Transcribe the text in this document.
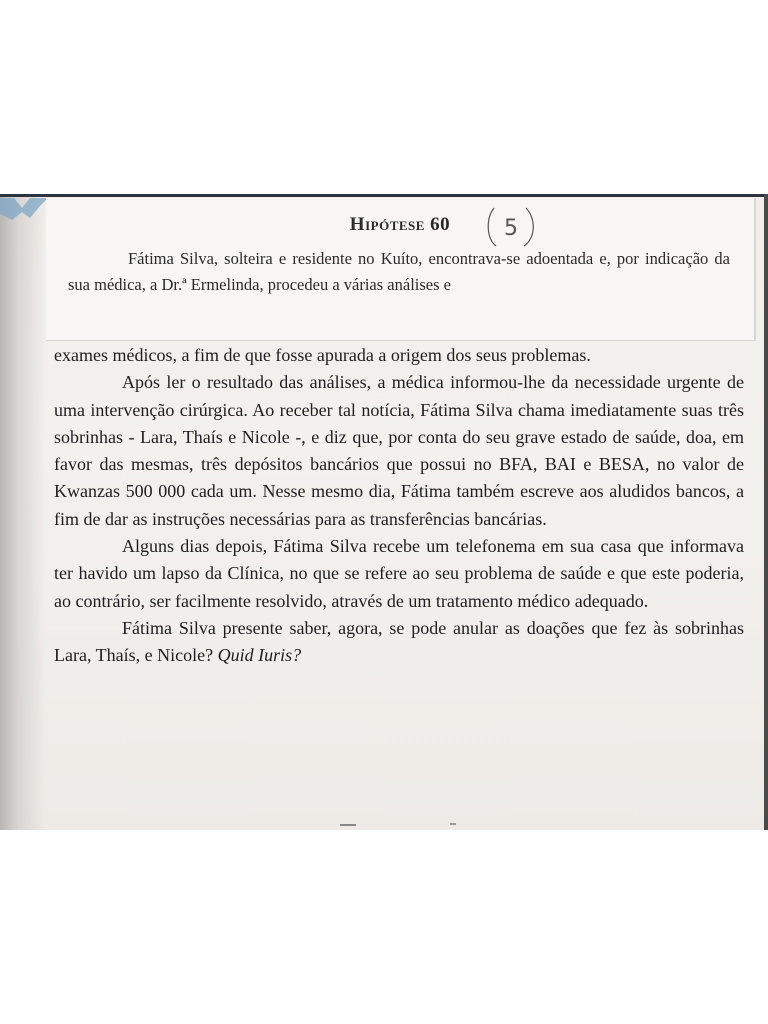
Hipótese 60	5
Fátima Silva, solteira e residente no Kuíto, encontrava-se adoentada e, por indicação da sua médica, a Dr.ª Ermelinda, procedeu a várias análises e

exames médicos, a fim de que fosse apurada a origem dos seus problemas.

Após ler o resultado das análises, a médica informou-lhe da necessidade urgente de uma intervenção cirúrgica. Ao receber tal notícia, Fátima Silva chama imediatamente suas três sobrinhas - Lara, Thaís e Nicole -, e diz que, por conta do seu grave estado de saúde, doa, em favor das mesmas, três depósitos bancários que possui no BFA, BAI e BESA, no valor de Kwanzas 500 000 cada um. Nesse mesmo dia, Fátima também escreve aos aludidos bancos, a fim de dar as instruções necessárias para as transferências bancárias.

Alguns dias depois, Fátima Silva recebe um telefonema em sua casa que informava ter havido um lapso da Clínica, no que se refere ao seu problema de saúde e que este poderia, ao contrário, ser facilmente resolvido, através de um tratamento médico adequado.

Fátima Silva presente saber, agora, se pode anular as doações que fez às sobrinhas Lara, Thaís, e Nicole? Quid Iuris?
